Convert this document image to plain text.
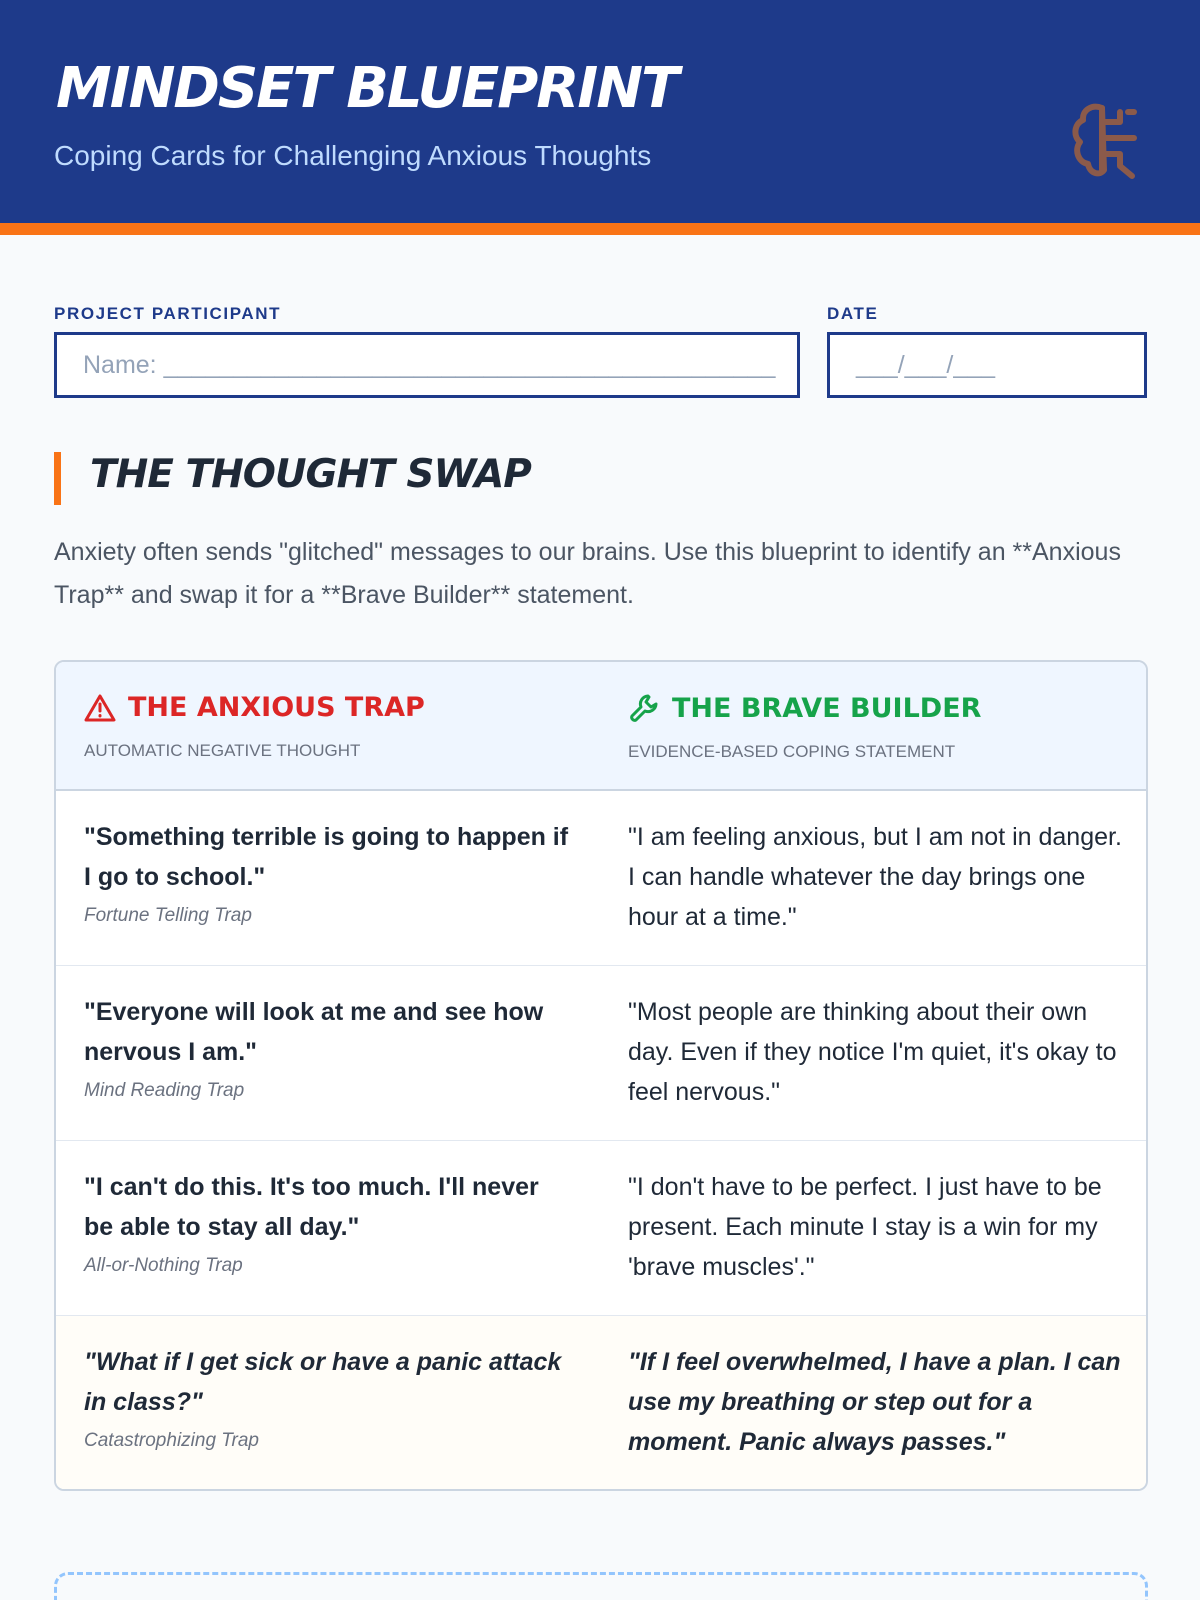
MINDSET BLUEPRINT
Coping Cards for Challenging Anxious Thoughts
PROJECT PARTICIPANT
Name: ____________________________________________
DATE
___/___/___
THE THOUGHT SWAP
Anxiety often sends "glitched" messages to our brains. Use this blueprint to identify an **Anxious Trap** and swap it for a **Brave Builder** statement.
THE ANXIOUS TRAP
AUTOMATIC NEGATIVE THOUGHT
THE BRAVE BUILDER
EVIDENCE-BASED COPING STATEMENT
"Something terrible is going to happen if I go to school."
Fortune Telling Trap
"I am feeling anxious, but I am not in danger. I can handle whatever the day brings one hour at a time."
"Everyone will look at me and see how nervous I am."
Mind Reading Trap
"Most people are thinking about their own day. Even if they notice I'm quiet, it's okay to feel nervous."
"I can't do this. It's too much. I'll never be able to stay all day."
All-or-Nothing Trap
"I don't have to be perfect. I just have to be present. Each minute I stay is a win for my 'brave muscles'."
"What if I get sick or have a panic attack in class?"
Catastrophizing Trap
"If I feel overwhelmed, I have a plan. I can use my breathing or step out for a moment. Panic always passes."
